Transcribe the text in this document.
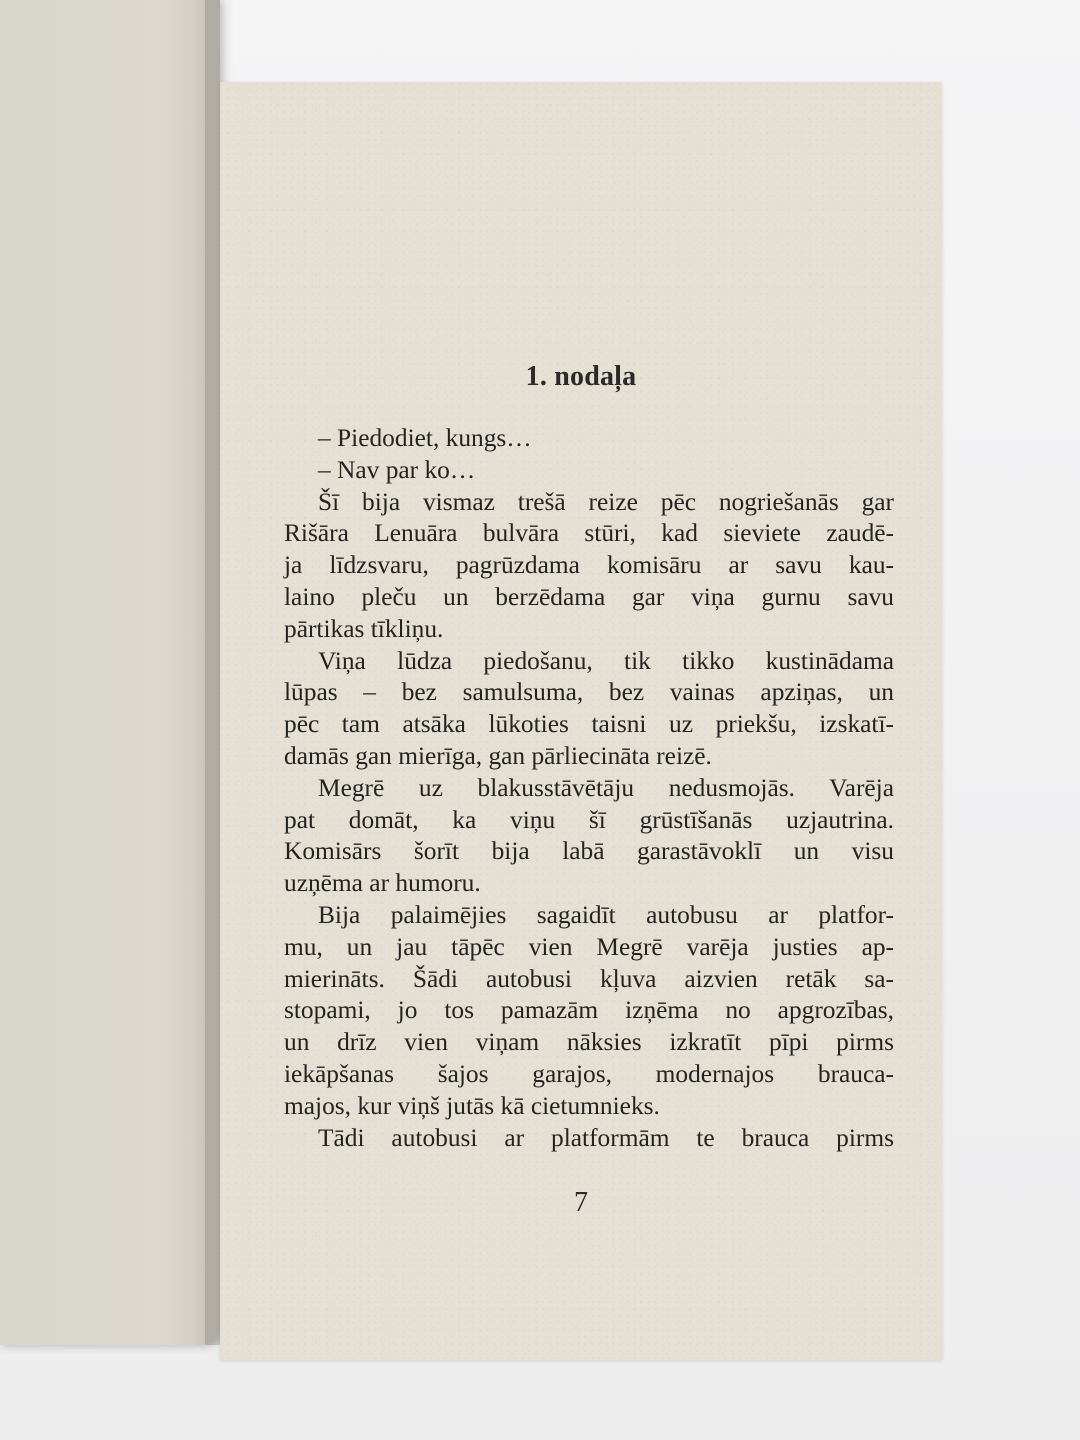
1. nodaļa
– Piedodiet, kungs…
– Nav par ko…
Šī bija vismaz trešā reize pēc nogriešanās gar
Rišāra Lenuāra bulvāra stūri, kad sieviete zaudē-
ja līdzsvaru, pagrūzdama komisāru ar savu kau-
laino pleču un berzēdama gar viņa gurnu savu
pārtikas tīkliņu.
Viņa lūdza piedošanu, tik tikko kustinādama
lūpas – bez samulsuma, bez vainas apziņas, un
pēc tam atsāka lūkoties taisni uz priekšu, izskatī-
damās gan mierīga, gan pārliecināta reizē.
Megrē uz blakusstāvētāju nedusmojās. Varēja
pat domāt, ka viņu šī grūstīšanās uzjautrina.
Komisārs šorīt bija labā garastāvoklī un visu
uzņēma ar humoru.
Bija palaimējies sagaidīt autobusu ar platfor-
mu, un jau tāpēc vien Megrē varēja justies ap-
mierināts. Šādi autobusi kļuva aizvien retāk sa-
stopami, jo tos pamazām izņēma no apgrozības,
un drīz vien viņam nāksies izkratīt pīpi pirms
iekāpšanas šajos garajos, modernajos brauca-
majos, kur viņš jutās kā cietumnieks.
Tādi autobusi ar platformām te brauca pirms
7
